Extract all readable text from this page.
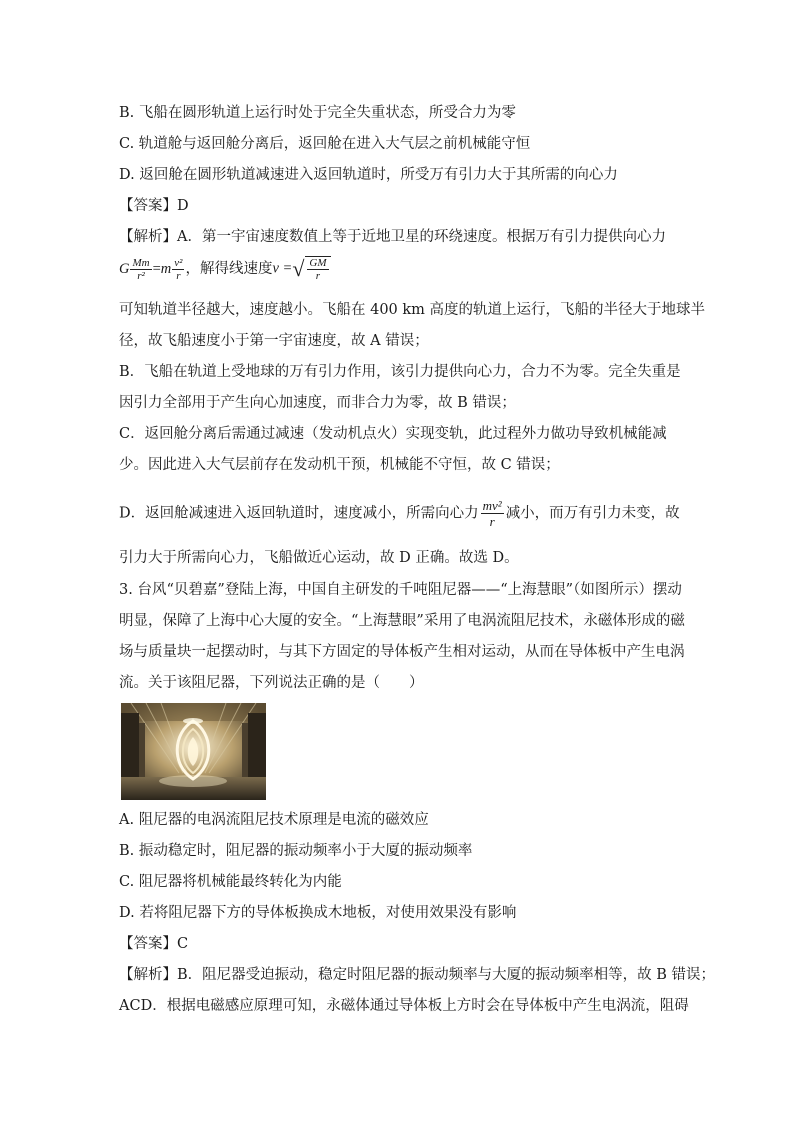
B. 飞船在圆形轨道上运行时处于完全失重状态，所受合力为零
C. 轨道舱与返回舱分离后，返回舱在进入大气层之前机械能守恒
D. 返回舱在圆形轨道减速进入返回轨道时，所受万有引力大于其所需的向心力
【答案】D
【解析】A．第一宇宙速度数值上等于近地卫星的环绕速度。根据万有引力提供向心力
G $\frac{Mm}{\text{r²}} =m \frac{\text{v²}}{r}$ ，解得线速度v = √ $\frac{GM}{r}$
可知轨道半径越大，速度越小。飞船在 400 km 高度的轨道上运行，飞船的半径大于地球半
径，故飞船速度小于第一宇宙速度，故 A 错误；
B．飞船在轨道上受地球的万有引力作用，该引力提供向心力，合力不为零。完全失重是
因引力全部用于产生向心加速度，而非合力为零，故 B 错误；
C．返回舱分离后需通过减速（发动机点火）实现变轨，此过程外力做功导致机械能减
少。因此进入大气层前存在发动机干预，机械能不守恒，故 C 错误；
D．返回舱减速进入返回轨道时，速度减小，所需向心力 $\frac{\text{mv²}}{r}$ 减小，而万有引力未变，故
引力大于所需向心力，飞船做近心运动，故 D 正确。故选 D。
3. 台风“贝碧嘉”登陆上海，中国自主研发的千吨阻尼器——“上海慧眼”（如图所示）摆动
明显，保障了上海中心大厦的安全。“上海慧眼”采用了电涡流阻尼技术，永磁体形成的磁
场与质量块一起摆动时，与其下方固定的导体板产生相对运动，从而在导体板中产生电涡
流。关于该阻尼器，下列说法正确的是（　　）
A. 阻尼器的电涡流阻尼技术原理是电流的磁效应
B. 振动稳定时，阻尼器的振动频率小于大厦的振动频率
C. 阻尼器将机械能最终转化为内能
D. 若将阻尼器下方的导体板换成木地板，对使用效果没有影响
【答案】C
【解析】B．阻尼器受迫振动，稳定时阻尼器的振动频率与大厦的振动频率相等，故 B 错误；
ACD．根据电磁感应原理可知，永磁体通过导体板上方时会在导体板中产生电涡流，阻碍
